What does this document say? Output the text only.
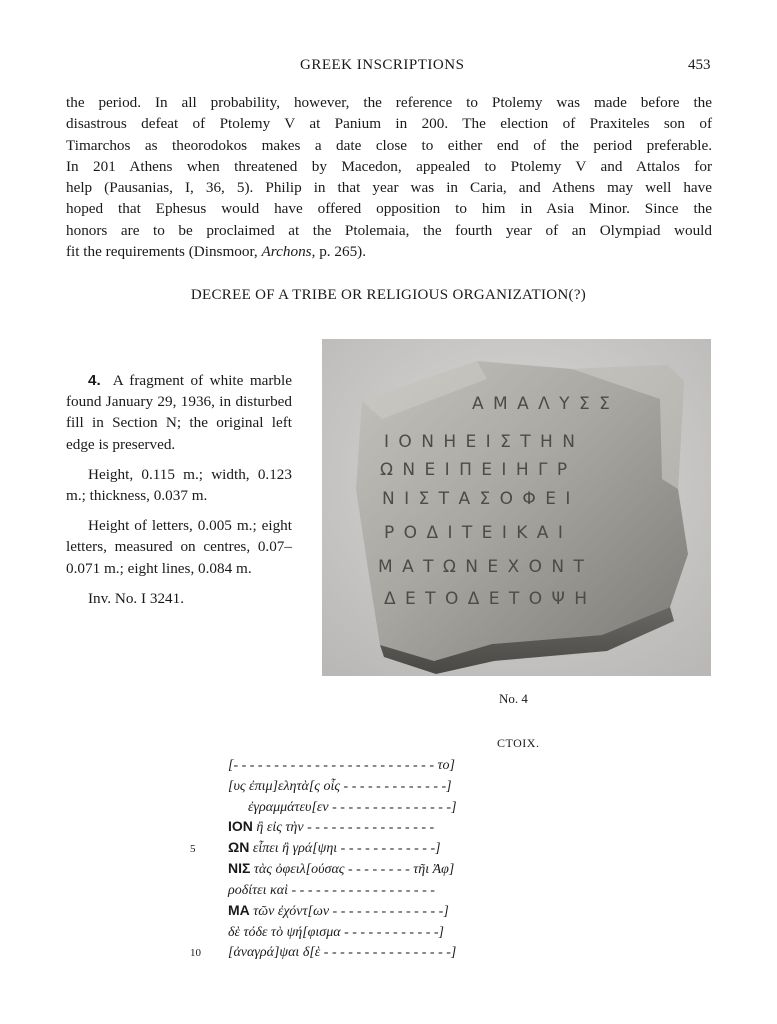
GREEK INSCRIPTIONS	453
the period. In all probability, however, the reference to Ptolemy was made before the
disastrous defeat of Ptolemy V at Panium in 200. The election of Praxiteles son of
Timarchos as theorodokos makes a date close to either end of the period preferable.
In 201 Athens when threatened by Macedon, appealed to Ptolemy V and Attalos for
help (Pausanias, I, 36, 5). Philip in that year was in Caria, and Athens may well have
hoped that Ephesus would have offered opposition to him in Asia Minor. Since the
honors are to be proclaimed at the Ptolemaia, the fourth year of an Olympiad would
fit the requirements (Dinsmoor, Archons, p. 265).
DECREE OF A TRIBE OR RELIGIOUS ORGANIZATION(?)

4. A fragment of white marble found January 29, 1936, in disturbed fill in Section N; the original left edge is preserved.

Height, 0.115 m.; width, 0.123 m.; thickness, 0.037 m.

Height of letters, 0.005 m.; eight letters, measured on centres, 0.07–0.071 m.; eight lines, 0.084 m.

Inv. No. I 3241.

Α Μ Α Λ Υ Σ Σ
Ι Ο Ν Η Ε Ι Σ Τ Η Ν
Ω Ν Ε Ι Π Ε Ι Η Γ Ρ
Ν Ι Σ Τ Α Σ Ο Φ Ε Ι
Ρ Ο Δ Ι Τ Ε Ι Κ Α Ι
Μ Α Τ Ω Ν Ε Χ Ο Ν Τ
Δ Ε Τ Ο Δ Ε Τ Ο Ψ Η
No. 4
CTOIX.
[- - - - - - - - - - - - - - - - - - - - - - - - - τo]
[υς ἐπιμ]ελητὰ[ς οἷς - - - - - - - - - - - - -]
ἐγραμμάτευ[εν - - - - - - - - - - - - - - -]
ΙΟΝ ἢ εἰς τὴν - - - - - - - - - - - - - - - -
5	ΩΝ εἶπει ἢ γρά[ψηι - - - - - - - - - - - -]
ΝΙΣ τὰς ὀφειλ[ούσας - - - - - - - - τῆι Ἀφ]
ροδίτει καὶ - - - - - - - - - - - - - - - - - -
ΜΑ τῶν ἐχόντ[ων - - - - - - - - - - - - - -]
δὲ τόδε τὸ ψή[φισμα - - - - - - - - - - - -]
10	[ἀναγρά]ψαι δ[ὲ - - - - - - - - - - - - - - - -]
